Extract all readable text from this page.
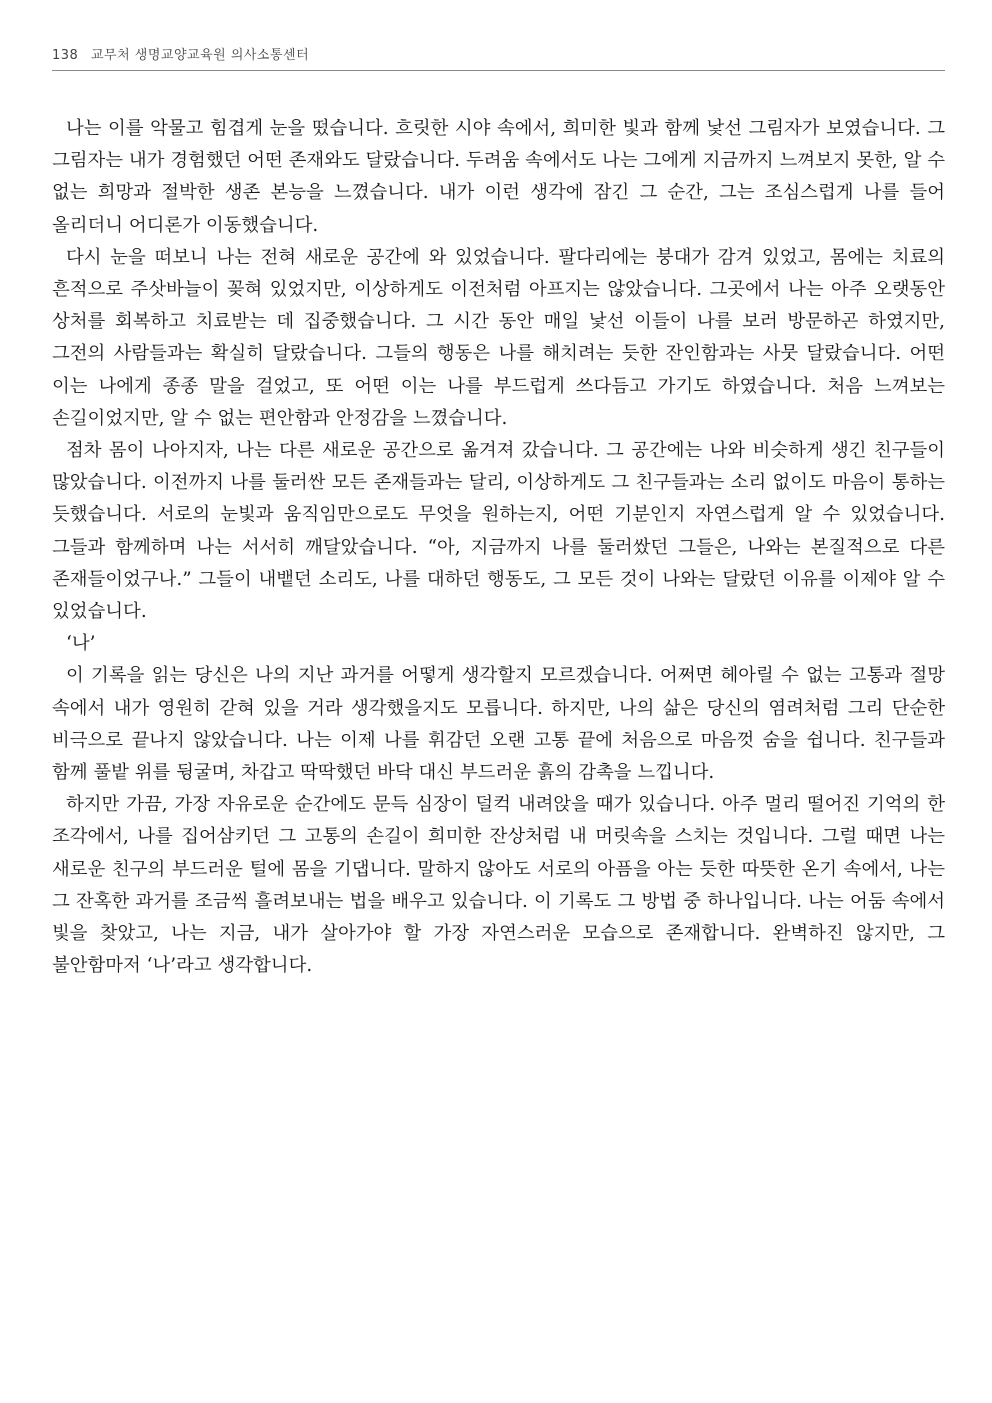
138 교무처 생명교양교육원 의사소통센터

나는 이를 악물고 힘겹게 눈을 떴습니다. 흐릿한 시야 속에서, 희미한 빛과 함께 낯선 그림자가 보였습니다. 그 그림자는 내가 경험했던 어떤 존재와도 달랐습니다. 두려움 속에서도 나는 그에게 지금까지 느껴보지 못한, 알 수 없는 희망과 절박한 생존 본능을 느꼈습니다. 내가 이런 생각에 잠긴 그 순간, 그는 조심스럽게 나를 들어 올리더니 어디론가 이동했습니다.

다시 눈을 떠보니 나는 전혀 새로운 공간에 와 있었습니다. 팔다리에는 붕대가 감겨 있었고, 몸에는 치료의 흔적으로 주삿바늘이 꽂혀 있었지만, 이상하게도 이전처럼 아프지는 않았습니다. 그곳에서 나는 아주 오랫동안 상처를 회복하고 치료받는 데 집중했습니다. 그 시간 동안 매일 낯선 이들이 나를 보러 방문하곤 하였지만, 그전의 사람들과는 확실히 달랐습니다. 그들의 행동은 나를 해치려는 듯한 잔인함과는 사뭇 달랐습니다. 어떤 이는 나에게 종종 말을 걸었고, 또 어떤 이는 나를 부드럽게 쓰다듬고 가기도 하였습니다. 처음 느껴보는 손길이었지만, 알 수 없는 편안함과 안정감을 느꼈습니다.

점차 몸이 나아지자, 나는 다른 새로운 공간으로 옮겨져 갔습니다. 그 공간에는 나와 비슷하게 생긴 친구들이 많았습니다. 이전까지 나를 둘러싼 모든 존재들과는 달리, 이상하게도 그 친구들과는 소리 없이도 마음이 통하는 듯했습니다. 서로의 눈빛과 움직임만으로도 무엇을 원하는지, 어떤 기분인지 자연스럽게 알 수 있었습니다. 그들과 함께하며 나는 서서히 깨달았습니다. “아, 지금까지 나를 둘러쌌던 그들은, 나와는 본질적으로 다른 존재들이었구나.” 그들이 내뱉던 소리도, 나를 대하던 행동도, 그 모든 것이 나와는 달랐던 이유를 이제야 알 수 있었습니다.

‘나’

이 기록을 읽는 당신은 나의 지난 과거를 어떻게 생각할지 모르겠습니다. 어쩌면 헤아릴 수 없는 고통과 절망 속에서 내가 영원히 갇혀 있을 거라 생각했을지도 모릅니다. 하지만, 나의 삶은 당신의 염려처럼 그리 단순한 비극으로 끝나지 않았습니다. 나는 이제 나를 휘감던 오랜 고통 끝에 처음으로 마음껏 숨을 쉽니다. 친구들과 함께 풀밭 위를 뒹굴며, 차갑고 딱딱했던 바닥 대신 부드러운 흙의 감촉을 느낍니다.

하지만 가끔, 가장 자유로운 순간에도 문득 심장이 덜컥 내려앉을 때가 있습니다. 아주 멀리 떨어진 기억의 한 조각에서, 나를 집어삼키던 그 고통의 손길이 희미한 잔상처럼 내 머릿속을 스치는 것입니다. 그럴 때면 나는 새로운 친구의 부드러운 털에 몸을 기댑니다. 말하지 않아도 서로의 아픔을 아는 듯한 따뜻한 온기 속에서, 나는 그 잔혹한 과거를 조금씩 흘려보내는 법을 배우고 있습니다. 이 기록도 그 방법 중 하나입니다. 나는 어둠 속에서 빛을 찾았고, 나는 지금, 내가 살아가야 할 가장 자연스러운 모습으로 존재합니다. 완벽하진 않지만, 그 불안함마저 ‘나’라고 생각합니다.
